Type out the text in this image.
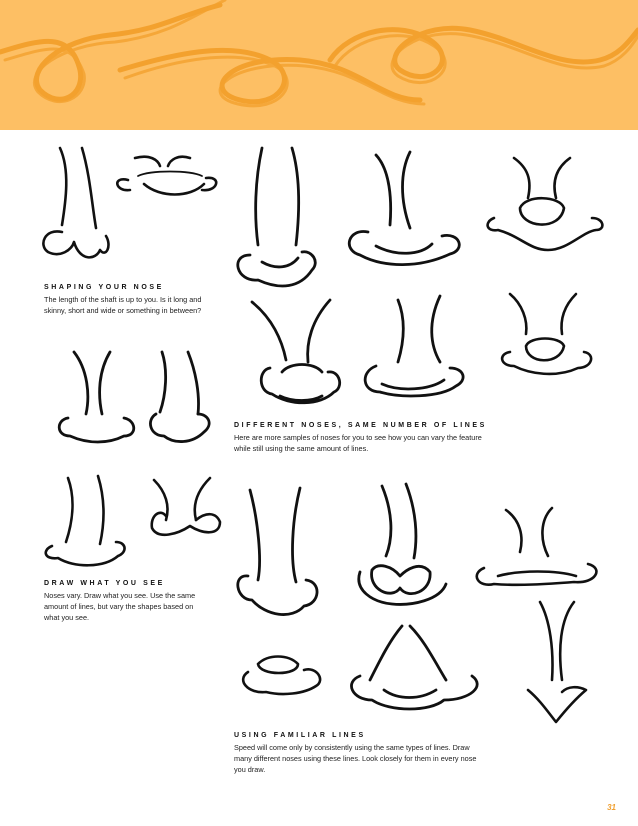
SHAPING YOUR NOSE
The length of the shaft is up to you. Is it long and
skinny, short and wide or something in between?
DIFFERENT NOSES, SAME NUMBER OF LINES
Here are more samples of noses for you to see how you can vary the feature
while still using the same amount of lines.
DRAW WHAT YOU SEE
Noses vary. Draw what you see. Use the same
amount of lines, but vary the shapes based on
what you see.
USING FAMILIAR LINES
Speed will come only by consistently using the same types of lines. Draw
many different noses using these lines. Look closely for them in every nose
you draw.
31
